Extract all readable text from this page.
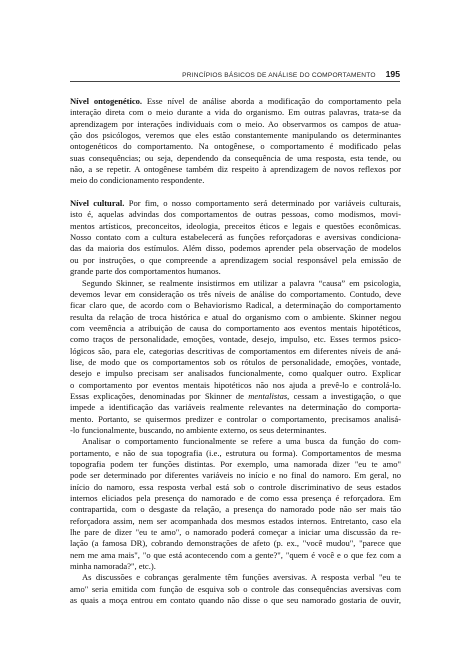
PRINCÍPIOS BÁSICOS DE ANÁLISE DO COMPORTAMENTO 195
Nível ontogenético. Esse nível de análise aborda a modificação do comportamento pela
interação direta com o meio durante a vida do organismo. Em outras palavras, trata-se da
aprendizagem por interações individuais com o meio. Ao observarmos os campos de atua-
ção dos psicólogos, veremos que eles estão constantemente manipulando os determinantes
ontogenéticos do comportamento. Na ontogênese, o comportamento é modificado pelas
suas consequências; ou seja, dependendo da consequência de uma resposta, esta tende, ou
não, a se repetir. A ontogênese também diz respeito à aprendizagem de novos reflexos por
meio do condicionamento respondente.
Nível cultural. Por fim, o nosso comportamento será determinado por variáveis culturais,
isto é, aquelas advindas dos comportamentos de outras pessoas, como modismos, movi-
mentos artísticos, preconceitos, ideologia, preceitos éticos e legais e questões econômicas.
Nosso contato com a cultura estabelecerá as funções reforçadoras e aversivas condiciona-
das da maioria dos estímulos. Além disso, podemos aprender pela observação de modelos
ou por instruções, o que compreende a aprendizagem social responsável pela emissão de
grande parte dos comportamentos humanos.
Segundo Skinner, se realmente insistirmos em utilizar a palavra “causa” em psicologia,
devemos levar em consideração os três níveis de análise do comportamento. Contudo, deve
ficar claro que, de acordo com o Behaviorismo Radical, a determinação do comportamento
resulta da relação de troca histórica e atual do organismo com o ambiente. Skinner negou
com veemência a atribuição de causa do comportamento aos eventos mentais hipotéticos,
como traços de personalidade, emoções, vontade, desejo, impulso, etc. Esses termos psico-
lógicos são, para ele, categorias descritivas de comportamentos em diferentes níveis de aná-
lise, de modo que os comportamentos sob os rótulos de personalidade, emoções, vontade,
desejo e impulso precisam ser analisados funcionalmente, como qualquer outro. Explicar
o comportamento por eventos mentais hipotéticos não nos ajuda a prevê-lo e controlá-lo.
Essas explicações, denominadas por Skinner de mentalistas, cessam a investigação, o que
impede a identificação das variáveis realmente relevantes na determinação do comporta-
mento. Portanto, se quisermos predizer e controlar o comportamento, precisamos analisá-
-lo funcionalmente, buscando, no ambiente externo, os seus determinantes.
Analisar o comportamento funcionalmente se refere a uma busca da função do com-
portamento, e não de sua topografia (i.e., estrutura ou forma). Comportamentos de mesma
topografia podem ter funções distintas. Por exemplo, uma namorada dizer "eu te amo"
pode ser determinado por diferentes variáveis no início e no final do namoro. Em geral, no
início do namoro, essa resposta verbal está sob o controle discriminativo de seus estados
internos eliciados pela presença do namorado e de como essa presença é reforçadora. Em
contrapartida, com o desgaste da relação, a presença do namorado pode não ser mais tão
reforçadora assim, nem ser acompanhada dos mesmos estados internos. Entretanto, caso ela
lhe pare de dizer "eu te amo", o namorado poderá começar a iniciar uma discussão da re-
lação (a famosa DR), cobrando demonstrações de afeto (p. ex., "você mudou", "parece que
nem me ama mais", "o que está acontecendo com a gente?", "quem é você e o que fez com a
minha namorada?", etc.).
As discussões e cobranças geralmente têm funções aversivas. A resposta verbal "eu te
amo" seria emitida com função de esquiva sob o controle das consequências aversivas com
as quais a moça entrou em contato quando não disse o que seu namorado gostaria de ouvir,
